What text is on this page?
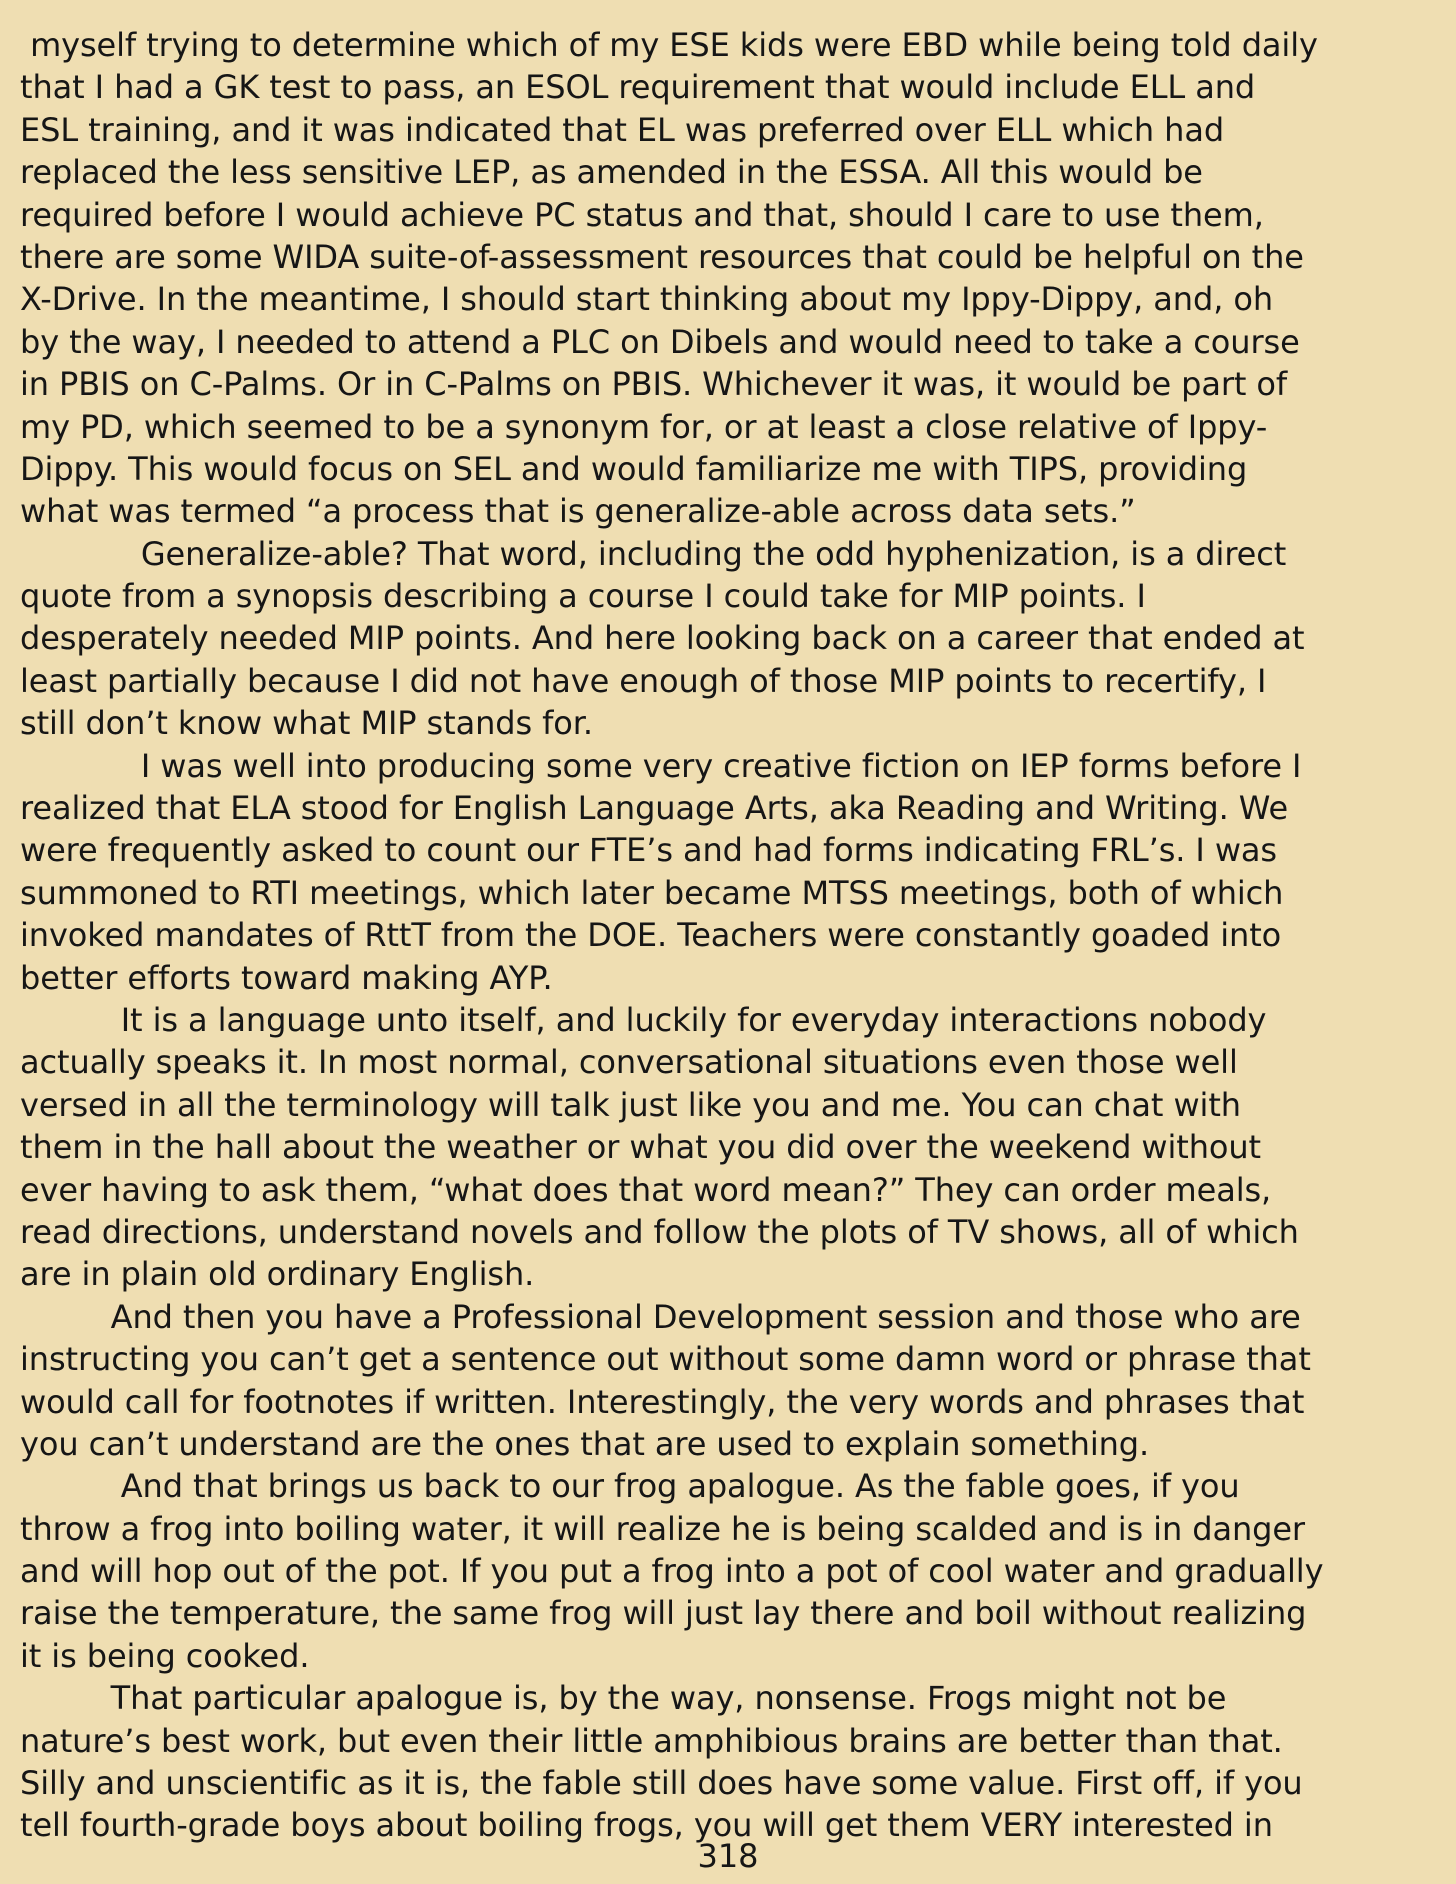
myself trying to determine which of my ESE kids were EBD while being told daily
that I had a GK test to pass, an ESOL requirement that would include ELL and
ESL training, and it was indicated that EL was preferred over ELL which had
replaced the less sensitive LEP, as amended in the ESSA. All this would be
required before I would achieve PC status and that, should I care to use them,
there are some WIDA suite-of-assessment resources that could be helpful on the
X-Drive. In the meantime, I should start thinking about my Ippy-Dippy, and, oh
by the way, I needed to attend a PLC on Dibels and would need to take a course
in PBIS on C-Palms. Or in C-Palms on PBIS. Whichever it was, it would be part of
my PD, which seemed to be a synonym for, or at least a close relative of Ippy-
Dippy. This would focus on SEL and would familiarize me with TIPS, providing
what was termed “a process that is generalize-able across data sets.”
Generalize-able? That word, including the odd hyphenization, is a direct
quote from a synopsis describing a course I could take for MIP points. I
desperately needed MIP points. And here looking back on a career that ended at
least partially because I did not have enough of those MIP points to recertify, I
still don’t know what MIP stands for.
I was well into producing some very creative fiction on IEP forms before I
realized that ELA stood for English Language Arts, aka Reading and Writing. We
were frequently asked to count our FTE’s and had forms indicating FRL’s. I was
summoned to RTI meetings, which later became MTSS meetings, both of which
invoked mandates of RttT from the DOE. Teachers were constantly goaded into
better efforts toward making AYP.
It is a language unto itself, and luckily for everyday interactions nobody
actually speaks it. In most normal, conversational situations even those well
versed in all the terminology will talk just like you and me. You can chat with
them in the hall about the weather or what you did over the weekend without
ever having to ask them, “what does that word mean?” They can order meals,
read directions, understand novels and follow the plots of TV shows, all of which
are in plain old ordinary English.
And then you have a Professional Development session and those who are
instructing you can’t get a sentence out without some damn word or phrase that
would call for footnotes if written. Interestingly, the very words and phrases that
you can’t understand are the ones that are used to explain something.
And that brings us back to our frog apalogue. As the fable goes, if you
throw a frog into boiling water, it will realize he is being scalded and is in danger
and will hop out of the pot. If you put a frog into a pot of cool water and gradually
raise the temperature, the same frog will just lay there and boil without realizing
it is being cooked.
That particular apalogue is, by the way, nonsense. Frogs might not be
nature’s best work, but even their little amphibious brains are better than that.
Silly and unscientific as it is, the fable still does have some value. First off, if you
tell fourth-grade boys about boiling frogs, you will get them VERY interested in
318
